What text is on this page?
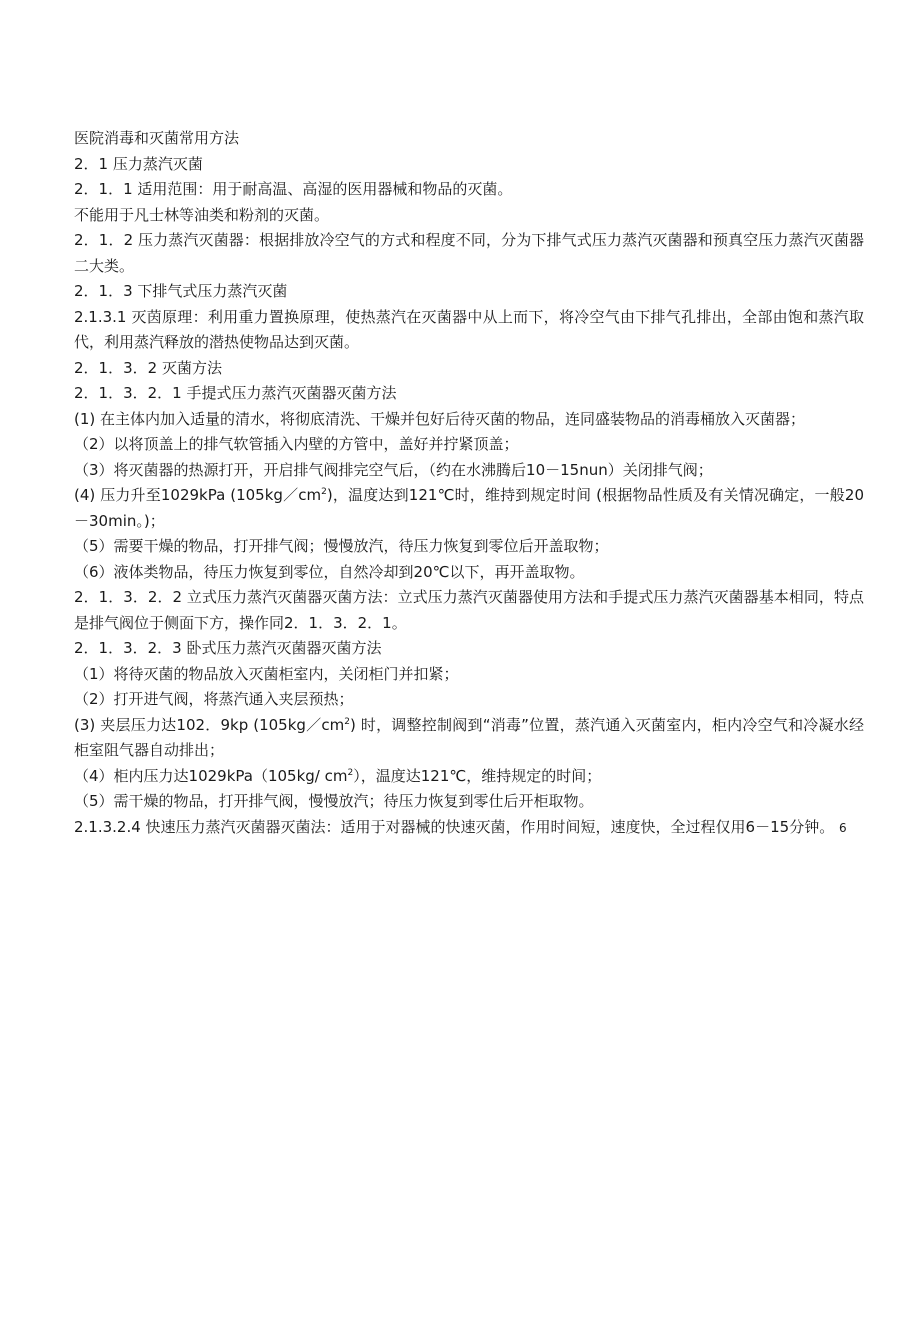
医院消毒和灭菌常用方法

2．1 压力蒸汽灭菌

2．1．1 适用范围：用于耐高温、高湿的医用器械和物品的灭菌。

不能用于凡士林等油类和粉剂的灭菌。

2．1．2 压力蒸汽灭菌器：根据排放冷空气的方式和程度不同，分为下排气式压力蒸汽灭菌器和预真空压力蒸汽灭菌器二大类。

2．1．3 下排气式压力蒸汽灭菌

2.1.3.1 灭茵原理：利用重力置换原理，使热蒸汽在灭菌器中从上而下，将冷空气由下排气孔排出，全部由饱和蒸汽取代，利用蒸汽释放的潜热使物品达到灭菌。

2．1．3．2 灭菌方法

2．1．3．2．1 手提式压力蒸汽灭菌器灭菌方法

(1) 在主体内加入适量的清水，将彻底清洗、干燥并包好后待灭菌的物品，连同盛装物品的消毒桶放入灭菌器；

（2）以将顶盖上的排气软管插入内壁的方管中，盖好并拧紧顶盖；

（3）将灭菌器的热源打开，开启排气阀排完空气后，（约在水沸腾后10－15nun）关闭排气阀；

(4) 压力升至1029kPa $(105kg/cm^2)$，温度达到121℃时，维持到规定时间 (根据物品性质及有关情况确定，一般20－30min。)；

（5）需要干燥的物品，打开排气阀；慢慢放汽，待压力恢复到零位后开盖取物；

（6）液体类物品，待压力恢复到零位，自然冷却到20℃以下，再开盖取物。

2．1．3．2．2 立式压力蒸汽灭菌器灭菌方法：立式压力蒸汽灭菌器使用方法和手提式压力蒸汽灭菌器基本相同，特点是排气阀位于侧面下方，操作同2．1．3．2．1。

2．1．3．2．3 卧式压力蒸汽灭菌器灭菌方法

（1）将待灭菌的物品放入灭菌柜室内，关闭柜门并扣紧；

（2）打开进气阀，将蒸汽通入夹层预热；

(3) 夹层压力达102．9kp $(105kg/cm^2)$ 时，调整控制阀到“消毒”位置，蒸汽通入灭菌室内，柜内冷空气和冷凝水经柜室阻气器自动排出；

（4）柜内压力达1029kPa（105kg/ $cm^2$），温度达121℃，维持规定的时间；

（5）需干燥的物品，打开排气阀，慢慢放汽；待压力恢复到零仕后开柜取物。

2.1.3.2.4 快速压力蒸汽灭菌器灭菌法：适用于对器械的快速灭菌，作用时间短，速度快，全过程仅用6－15分钟。 6
